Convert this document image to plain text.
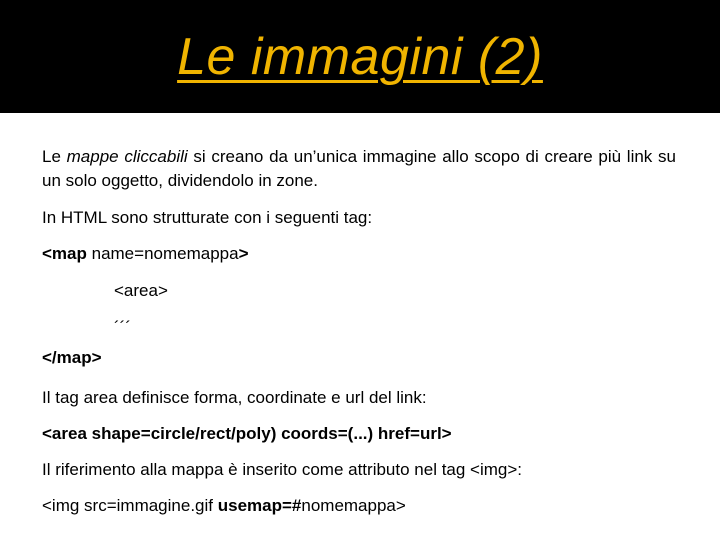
Le immagini (2)
Le mappe cliccabili si creano da un’unica immagine allo scopo di creare più link su un solo oggetto, dividendolo in zone.
In HTML sono strutturate con i seguenti tag:
<map name=nomemappa>
<area>
´´´
</map>
Il tag area definisce forma, coordinate e url del link:
<area shape=circle/rect/poly) coords=(...) href=url>
Il riferimento alla mappa è inserito come attributo nel tag <img>:
<img src=immagine.gif usemap=#nomemappa>
